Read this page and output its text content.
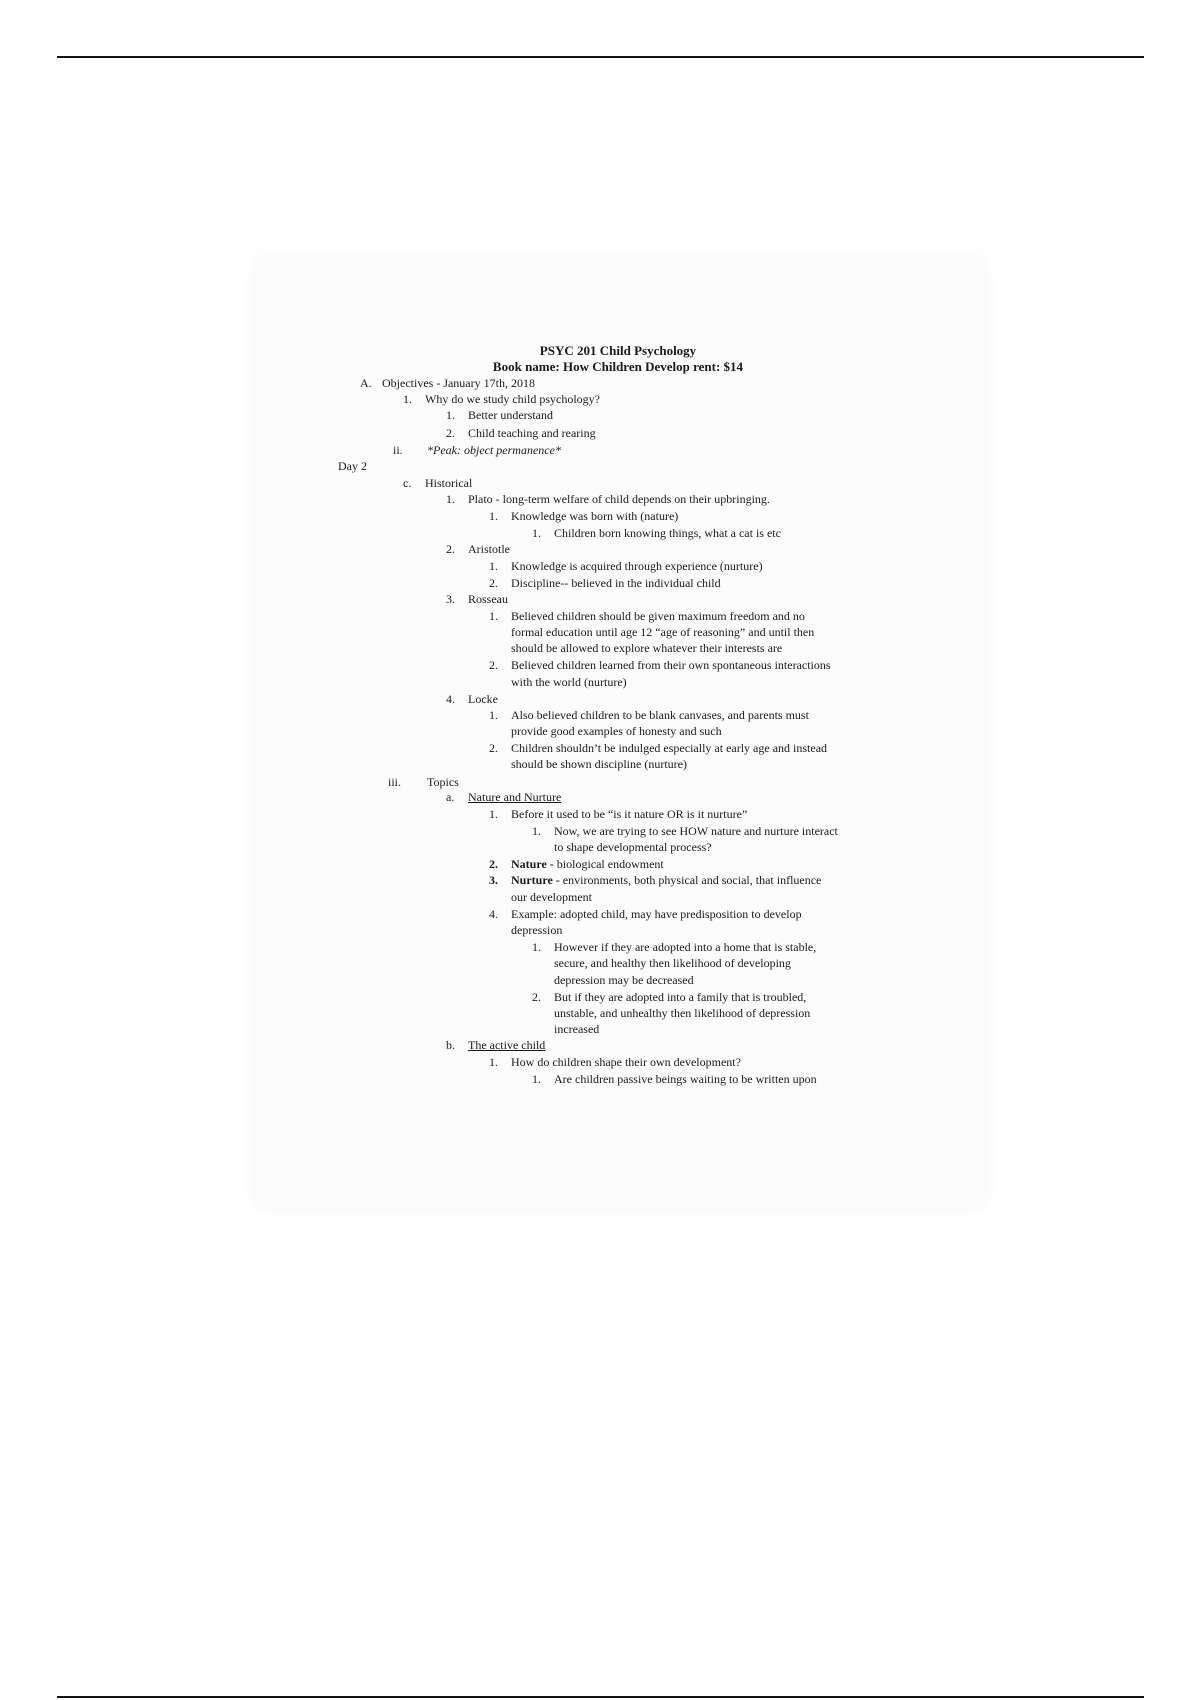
PSYC 201 Child Psychology
Book name: How Children Develop rent: $14
A. Objectives - January 17th, 2018
1. Why do we study child psychology?
1. Better understand
2. Child teaching and rearing
ii. *Peak: object permanence*
Day 2
c. Historical
1. Plato - long-term welfare of child depends on their upbringing.
1. Knowledge was born with (nature)
1. Children born knowing things, what a cat is etc
2. Aristotle
1. Knowledge is acquired through experience (nurture)
2. Discipline-- believed in the individual child
3. Rosseau
1. Believed children should be given maximum freedom and no
formal education until age 12 “age of reasoning” and until then
should be allowed to explore whatever their interests are
2. Believed children learned from their own spontaneous interactions
with the world (nurture)
4. Locke
1. Also believed children to be blank canvases, and parents must
provide good examples of honesty and such
2. Children shouldn’t be indulged especially at early age and instead
should be shown discipline (nurture)
iii. Topics
a. Nature and Nurture
1. Before it used to be “is it nature OR is it nurture”
1. Now, we are trying to see HOW nature and nurture interact
to shape developmental process?
2. Nature - biological endowment
3. Nurture - environments, both physical and social, that influence
our development
4. Example: adopted child, may have predisposition to develop
depression
1. However if they are adopted into a home that is stable,
secure, and healthy then likelihood of developing
depression may be decreased
2. But if they are adopted into a family that is troubled,
unstable, and unhealthy then likelihood of depression
increased
b. The active child
1. How do children shape their own development?
1. Are children passive beings waiting to be written upon
